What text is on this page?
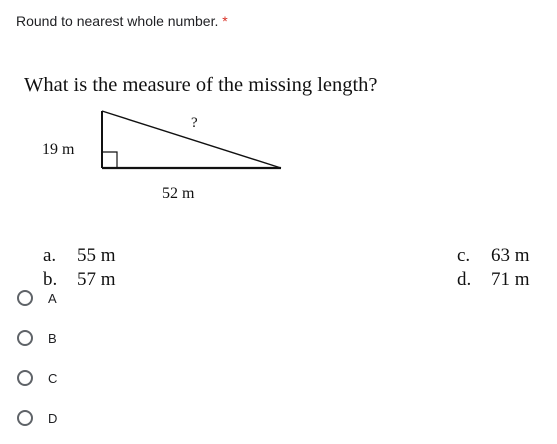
Round to nearest whole number. *
What is the measure of the missing length?
19 m
?
52 m

a. 55 m

b. 57 m

c. 63 m

d. 71 m

A
B
C
D
